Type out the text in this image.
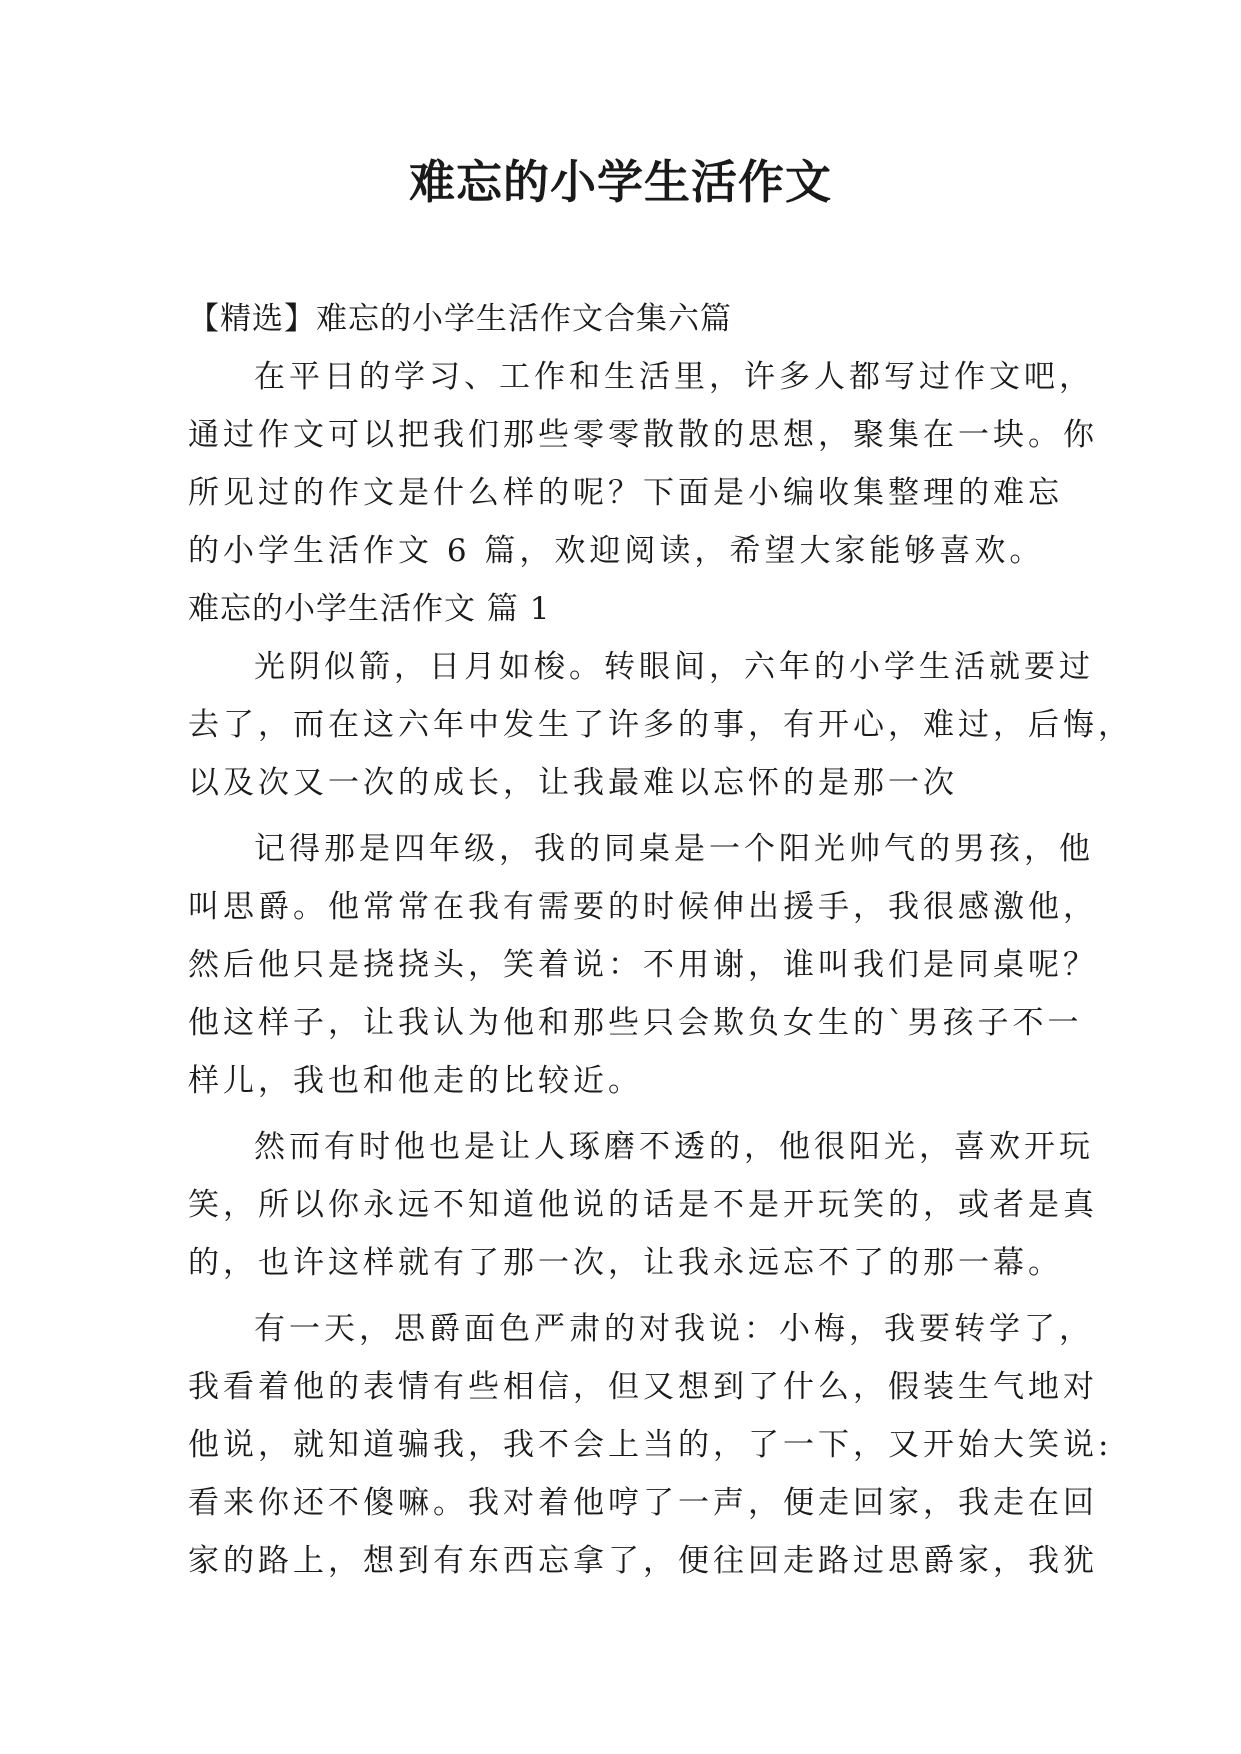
难忘的小学生活作文

【精选】难忘的小学生活作文合集六篇

在平日的学习、工作和生活里，许多人都写过作文吧，

通过作文可以把我们那些零零散散的思想，聚集在一块。你

所见过的作文是什么样的呢？下面是小编收集整理的难忘

的小学生活作文 6 篇，欢迎阅读，希望大家能够喜欢。

难忘的小学生活作文 篇 1

光阴似箭，日月如梭。转眼间，六年的小学生活就要过

去了，而在这六年中发生了许多的事，有开心，难过，后悔，

以及次又一次的成长，让我最难以忘怀的是那一次

记得那是四年级，我的同桌是一个阳光帅气的男孩，他

叫思爵。他常常在我有需要的时候伸出援手，我很感激他，

然后他只是挠挠头，笑着说：不用谢，谁叫我们是同桌呢？

他这样子，让我认为他和那些只会欺负女生的`男孩子不一

样儿，我也和他走的比较近。

然而有时他也是让人琢磨不透的，他很阳光，喜欢开玩

笑，所以你永远不知道他说的话是不是开玩笑的，或者是真

的，也许这样就有了那一次，让我永远忘不了的那一幕。

有一天，思爵面色严肃的对我说：小梅，我要转学了，

我看着他的表情有些相信，但又想到了什么，假装生气地对

他说，就知道骗我，我不会上当的，了一下，又开始大笑说:

看来你还不傻嘛。我对着他哼了一声，便走回家，我走在回

家的路上，想到有东西忘拿了，便往回走路过思爵家，我犹
